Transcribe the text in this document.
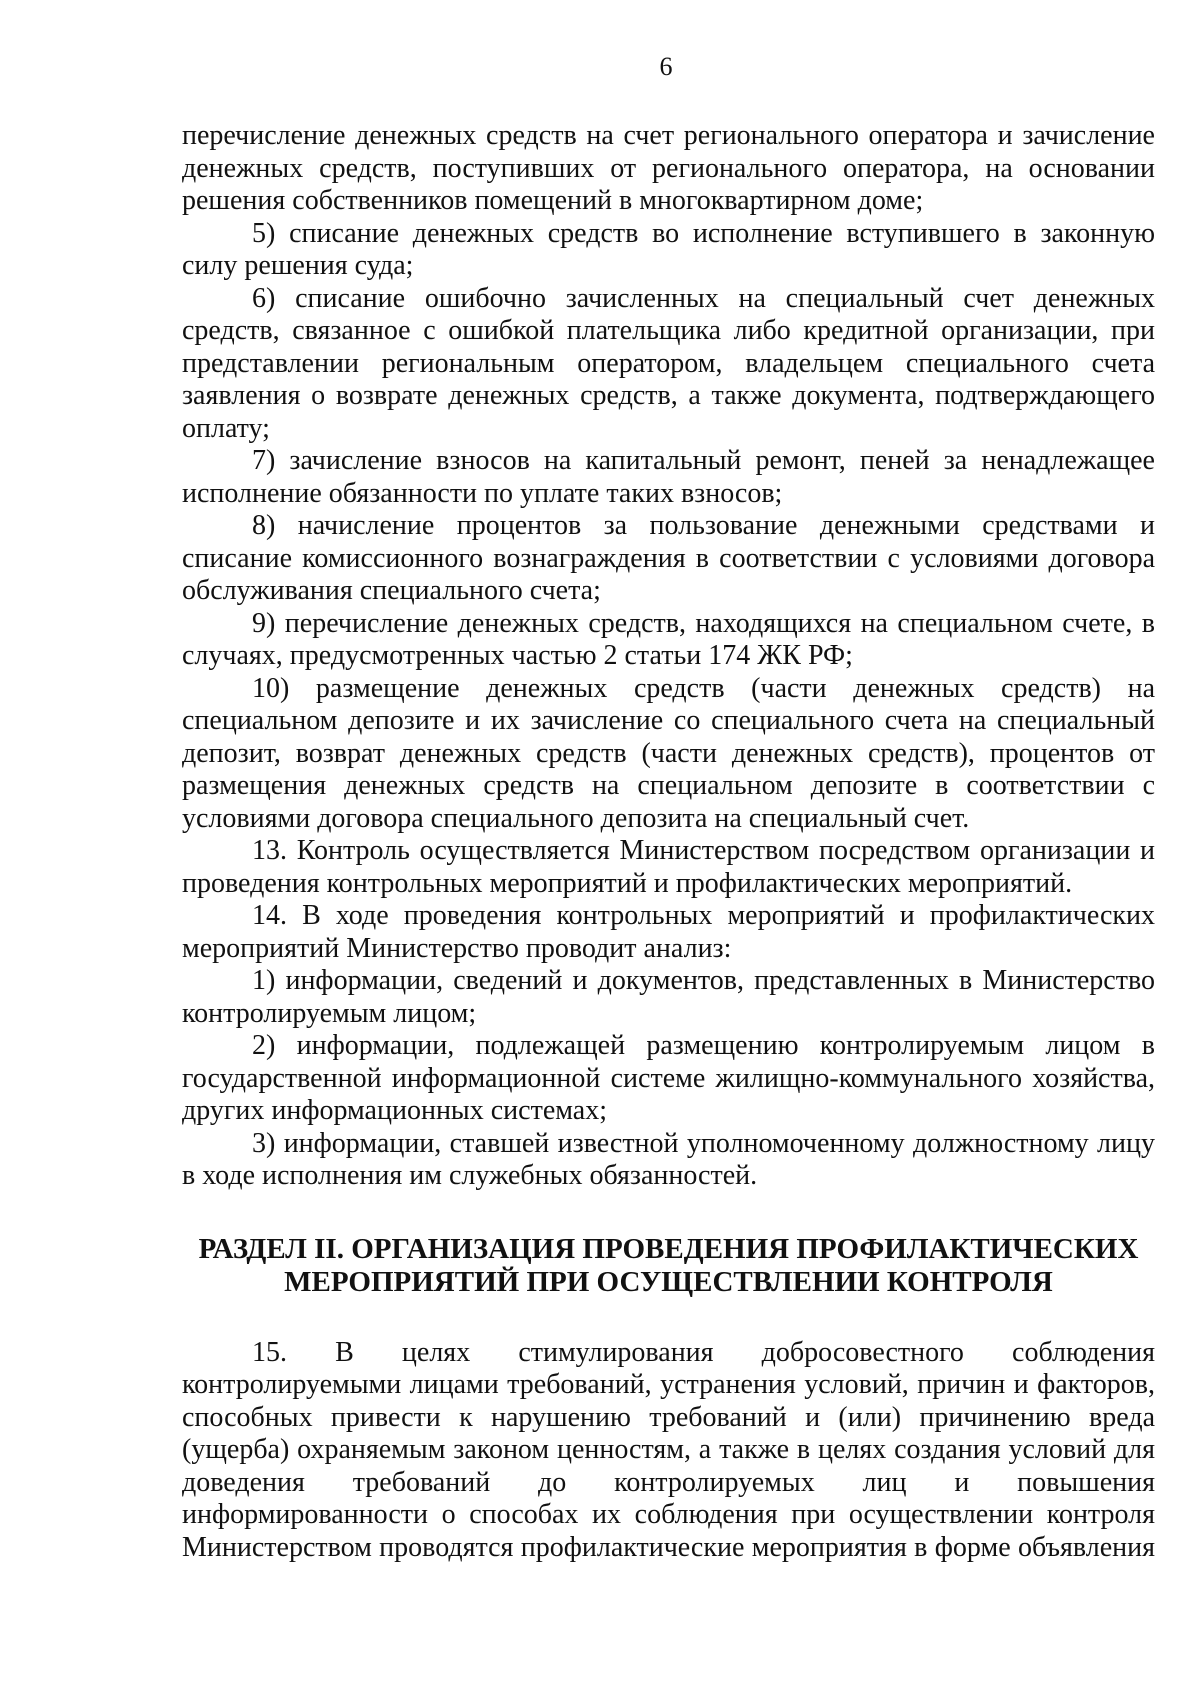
6

перечисление денежных средств на счет регионального оператора и зачисление денежных средств, поступивших от регионального оператора, на основании решения собственников помещений в многоквартирном доме;

5) списание денежных средств во исполнение вступившего в законную силу решения суда;

6) списание ошибочно зачисленных на специальный счет денежных средств, связанное с ошибкой плательщика либо кредитной организации, при представлении региональным оператором, владельцем специального счета заявления о возврате денежных средств, а также документа, подтверждающего оплату;

7) зачисление взносов на капитальный ремонт, пеней за ненадлежащее исполнение обязанности по уплате таких взносов;

8) начисление процентов за пользование денежными средствами и списание комиссионного вознаграждения в соответствии с условиями договора обслуживания специального счета;

9) перечисление денежных средств, находящихся на специальном счете, в случаях, предусмотренных частью 2 статьи 174 ЖК РФ;

10) размещение денежных средств (части денежных средств) на специальном депозите и их зачисление со специального счета на специальный депозит, возврат денежных средств (части денежных средств), процентов от размещения денежных средств на специальном депозите в соответствии с условиями договора специального депозита на специальный счет.

13. Контроль осуществляется Министерством посредством организации и проведения контрольных мероприятий и профилактических мероприятий.

14. В ходе проведения контрольных мероприятий и профилактических мероприятий Министерство проводит анализ:

1) информации, сведений и документов, представленных в Министерство контролируемым лицом;

2) информации, подлежащей размещению контролируемым лицом в государственной информационной системе жилищно-коммунального хозяйства, других информационных системах;

3) информации, ставшей известной уполномоченному должностному лицу в ходе исполнения им служебных обязанностей.

РАЗДЕЛ II. ОРГАНИЗАЦИЯ ПРОВЕДЕНИЯ ПРОФИЛАКТИЧЕСКИХ
МЕРОПРИЯТИЙ ПРИ ОСУЩЕСТВЛЕНИИ КОНТРОЛЯ

15. В целях стимулирования добросовестного соблюдения контролируемыми лицами требований, устранения условий, причин и факторов, способных привести к нарушению требований и (или) причинению вреда (ущерба) охраняемым законом ценностям, а также в целях создания условий для доведения требований до контролируемых лиц и повышения информированности о способах их соблюдения при осуществлении контроля Министерством проводятся профилактические мероприятия в форме объявления
